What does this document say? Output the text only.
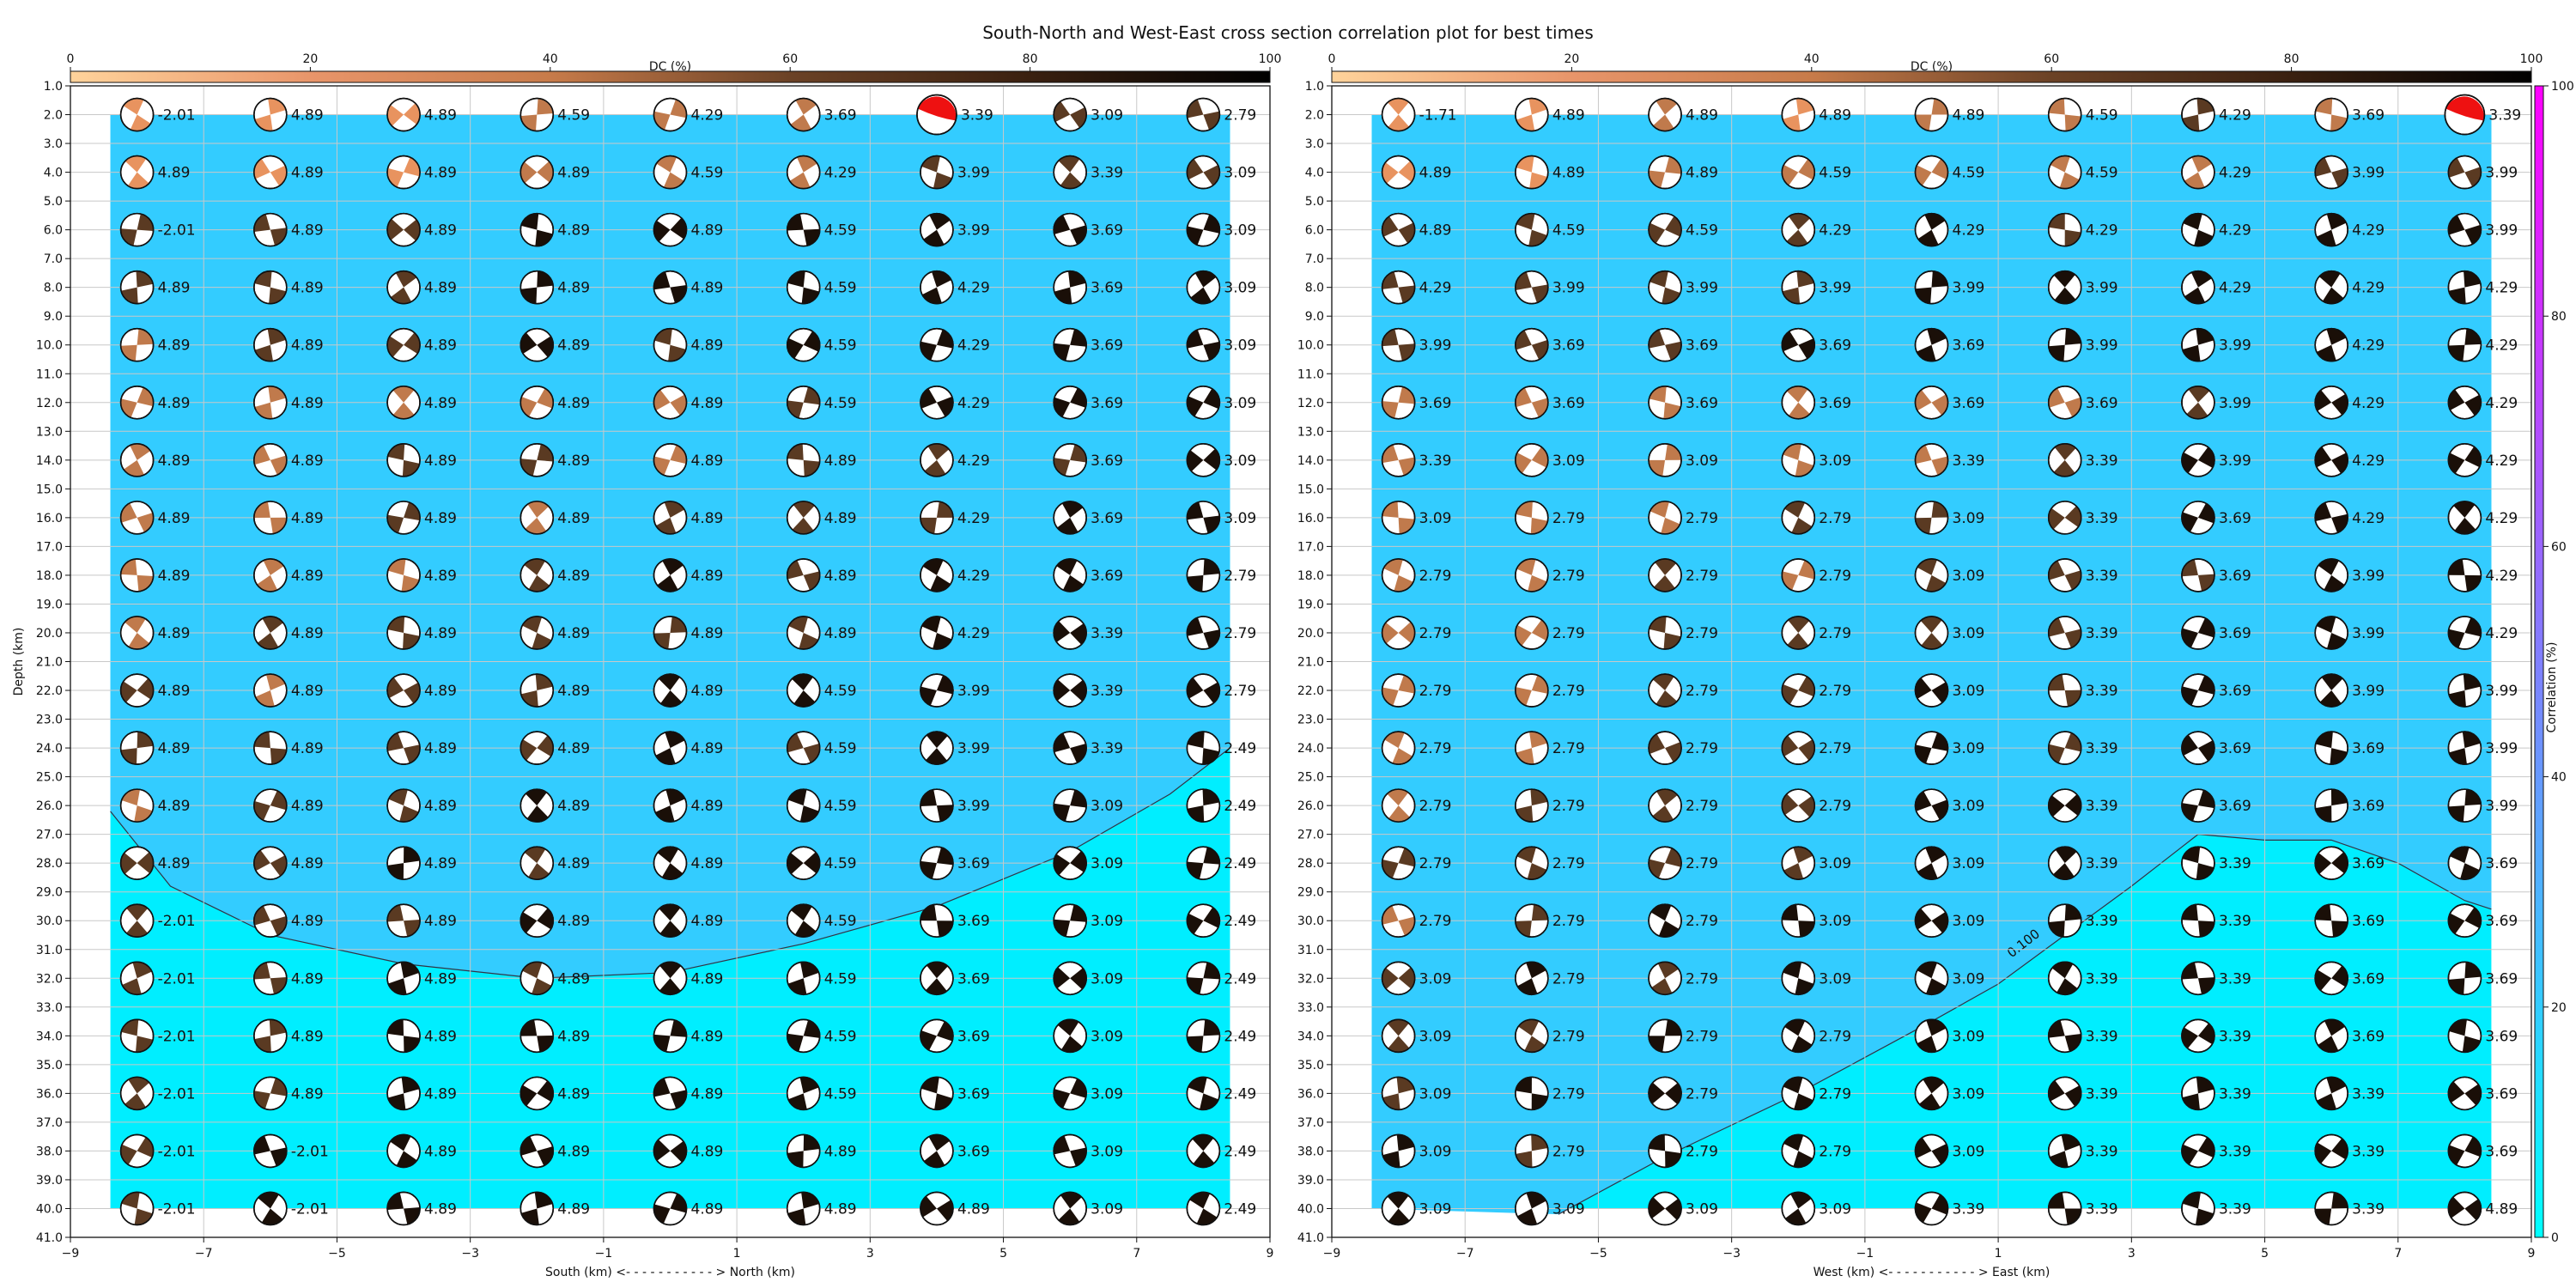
South-North and West-East cross section correlation plot for best times
−9	−7	−5	−3	−1	1	3	5	7	9
South (km) <- - - - - - - - - - - > North (km)
1.0
2.0
3.0
4.0
5.0
6.0
7.0
8.0
9.0
10.0
11.0
12.0
13.0
14.0
15.0
16.0
17.0
18.0
19.0
20.0
21.0
22.0
23.0
24.0
25.0
26.0
27.0
28.0
29.0
30.0
31.0
32.0
33.0
34.0
35.0
36.0
37.0
38.0
39.0
40.0
41.0
Depth (km)
0	20	40	60	80	100
DC (%)
-2.01	4.89	4.89	4.59	4.29	3.69	3.39	3.09	2.79
4.89	4.89	4.89	4.89	4.59	4.29	3.99	3.39	3.09
-2.01	4.89	4.89	4.89	4.89	4.59	3.99	3.69	3.09
4.89	4.89	4.89	4.89	4.89	4.59	4.29	3.69	3.09
4.89	4.89	4.89	4.89	4.89	4.59	4.29	3.69	3.09
4.89	4.89	4.89	4.89	4.89	4.59	4.29	3.69	3.09
4.89	4.89	4.89	4.89	4.89	4.89	4.29	3.69	3.09
4.89	4.89	4.89	4.89	4.89	4.89	4.29	3.69	3.09
4.89	4.89	4.89	4.89	4.89	4.89	4.29	3.69	2.79
4.89	4.89	4.89	4.89	4.89	4.89	4.29	3.39	2.79
4.89	4.89	4.89	4.89	4.89	4.59	3.99	3.39	2.79
4.89	4.89	4.89	4.89	4.89	4.59	3.99	3.39	2.49
4.89	4.89	4.89	4.89	4.89	4.59	3.99	3.09	2.49
4.89	4.89	4.89	4.89	4.89	4.59	3.69	3.09	2.49
-2.01	4.89	4.89	4.89	4.89	4.59	3.69	3.09	2.49
-2.01	4.89	4.89	4.89	4.89	4.59	3.69	3.09	2.49
-2.01	4.89	4.89	4.89	4.89	4.59	3.69	3.09	2.49
-2.01	4.89	4.89	4.89	4.89	4.59	3.69	3.09	2.49
-2.01	-2.01	4.89	4.89	4.89	4.89	3.69	3.09	2.49
-2.01	-2.01	4.89	4.89	4.89	4.89	4.89	3.09	2.49
0.100
−9	−7	−5	−3	−1	1	3	5	7	9
West (km) <- - - - - - - - - - - > East (km)
1.0
2.0
3.0
4.0
5.0
6.0
7.0
8.0
9.0
10.0
11.0
12.0
13.0
14.0
15.0
16.0
17.0
18.0
19.0
20.0
21.0
22.0
23.0
24.0
25.0
26.0
27.0
28.0
29.0
30.0
31.0
32.0
33.0
34.0
35.0
36.0
37.0
38.0
39.0
40.0
41.0
0	20	40	60	80	100
DC (%)
-1.71	4.89	4.89	4.89	4.89	4.59	4.29	3.69	3.39
4.89	4.89	4.89	4.59	4.59	4.59	4.29	3.99	3.99
4.89	4.59	4.59	4.29	4.29	4.29	4.29	4.29	3.99
4.29	3.99	3.99	3.99	3.99	3.99	4.29	4.29	4.29
3.99	3.69	3.69	3.69	3.69	3.99	3.99	4.29	4.29
3.69	3.69	3.69	3.69	3.69	3.69	3.99	4.29	4.29
3.39	3.09	3.09	3.09	3.39	3.39	3.99	4.29	4.29
3.09	2.79	2.79	2.79	3.09	3.39	3.69	4.29	4.29
2.79	2.79	2.79	2.79	3.09	3.39	3.69	3.99	4.29
2.79	2.79	2.79	2.79	3.09	3.39	3.69	3.99	4.29
2.79	2.79	2.79	2.79	3.09	3.39	3.69	3.99	3.99
2.79	2.79	2.79	2.79	3.09	3.39	3.69	3.69	3.99
2.79	2.79	2.79	2.79	3.09	3.39	3.69	3.69	3.99
2.79	2.79	2.79	3.09	3.09	3.39	3.39	3.69	3.69
2.79	2.79	2.79	3.09	3.09	3.39	3.39	3.69	3.69
3.09	2.79	2.79	3.09	3.09	3.39	3.39	3.69	3.69
3.09	2.79	2.79	2.79	3.09	3.39	3.39	3.69	3.69
3.09	2.79	2.79	2.79	3.09	3.39	3.39	3.39	3.69
3.09	2.79	2.79	2.79	3.09	3.39	3.39	3.39	3.69
3.09	3.09	3.09	3.09	3.39	3.39	3.39	3.39	4.89
0
20
40
60
80
100
Correlation (%)
